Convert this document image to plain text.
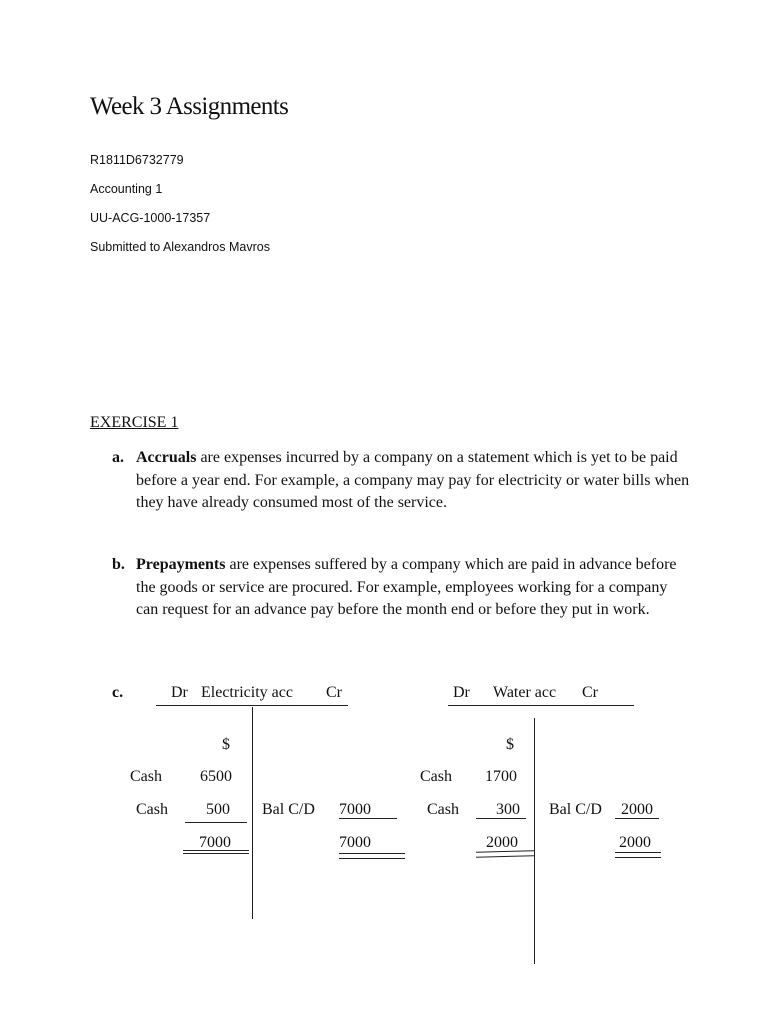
Week 3 Assignments
R1811D6732779
Accounting 1
UU-ACG-1000-17357
Submitted to Alexandros Mavros
EXERCISE 1
a. Accruals are expenses incurred by a company on a statement which is yet to be paid before a year end. For example, a company may pay for electricity or water bills when they have already consumed most of the service.
b. Prepayments are expenses suffered by a company which are paid in advance before the goods or service are procured. For example, employees working for a company can request for an advance pay before the month end or before they put in work.
c.	Dr Electricity acc Cr
$
Cash 6500
Cash 500 Bal C/D 7000
7000	7000
Dr Water acc Cr
$
Cash 1700
Cash 300 Bal C/D 2000
2000	2000
